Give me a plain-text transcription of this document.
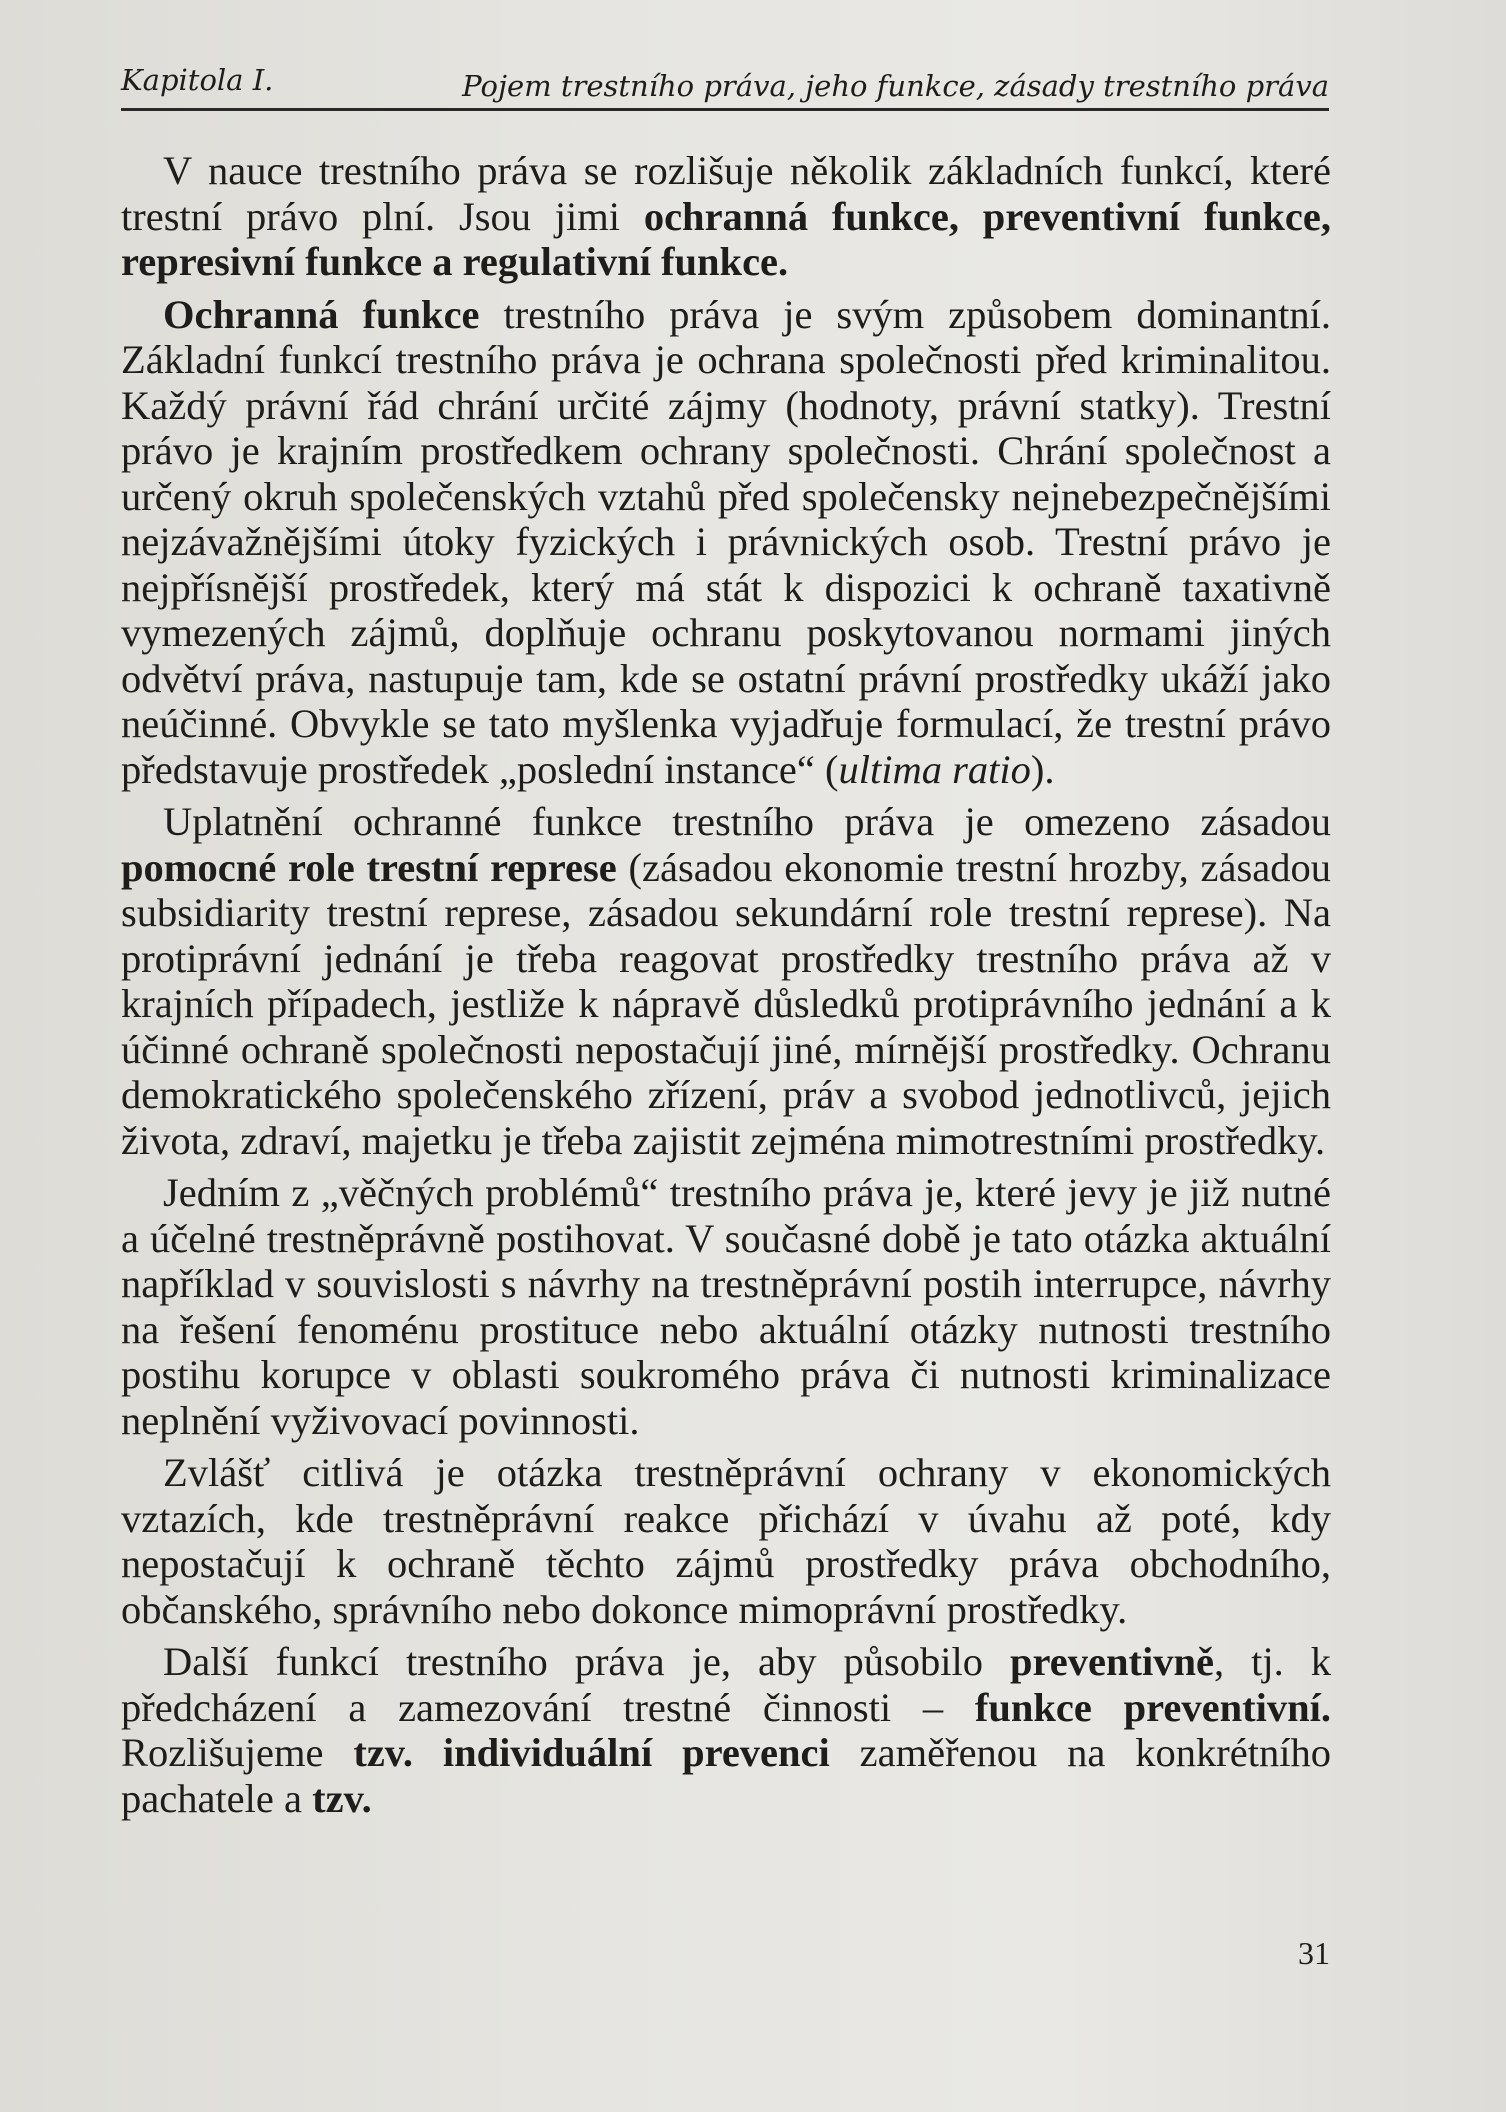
Kapitola I.	Pojem trestního práva, jeho funkce, zásady trestního práva

V nauce trestního práva se rozlišuje několik základních funkcí, které trestní právo plní. Jsou jimi ochranná funkce, preventivní funkce, represivní funkce a regulativní funkce.

Ochranná funkce trestního práva je svým způsobem dominantní. Základní funkcí trestního práva je ochrana společnosti před kriminalitou. Každý právní řád chrání určité zájmy (hodnoty, právní statky). Trestní právo je krajním prostředkem ochrany společnosti. Chrání společnost a určený okruh společenských vztahů před společensky nejnebezpečnějšími nejzávažnějšími útoky fyzických i právnických osob. Trestní právo je nejpřísnější prostředek, který má stát k dispozici k ochraně taxativně vymezených zájmů, doplňuje ochranu poskytovanou normami jiných odvětví práva, nastupuje tam, kde se ostatní právní prostředky ukáží jako neúčinné. Obvykle se tato myšlenka vyjadřuje formulací, že trestní právo představuje prostředek „poslední instance“ (ultima ratio).

Uplatnění ochranné funkce trestního práva je omezeno zásadou pomocné role trestní represe (zásadou ekonomie trestní hrozby, zásadou subsidiarity trestní represe, zásadou sekundární role trestní represe). Na protiprávní jednání je třeba reagovat prostředky trestního práva až v krajních případech, jestliže k nápravě důsledků protiprávního jednání a k účinné ochraně společnosti nepostačují jiné, mírnější prostředky. Ochranu demokratického společenského zřízení, práv a svobod jednotlivců, jejich života, zdraví, majetku je třeba zajistit zejména mimotrestními prostředky.

Jedním z „věčných problémů“ trestního práva je, které jevy je již nutné a účelné trestněprávně postihovat. V současné době je tato otázka aktuální například v souvislosti s návrhy na trestněprávní postih interrupce, návrhy na řešení fenoménu prostituce nebo aktuální otázky nutnosti trestního postihu korupce v oblasti soukromého práva či nutnosti kriminalizace neplnění vyživovací povinnosti.

Zvlášť citlivá je otázka trestněprávní ochrany v ekonomických vztazích, kde trestněprávní reakce přichází v úvahu až poté, kdy nepostačují k ochraně těchto zájmů prostředky práva obchodního, občanského, správního nebo dokonce mimoprávní prostředky.

Další funkcí trestního práva je, aby působilo preventivně, tj. k předcházení a zamezování trestné činnosti – funkce preventivní. Rozlišujeme tzv. individuální prevenci zaměřenou na konkrétního pachatele a tzv.

31
